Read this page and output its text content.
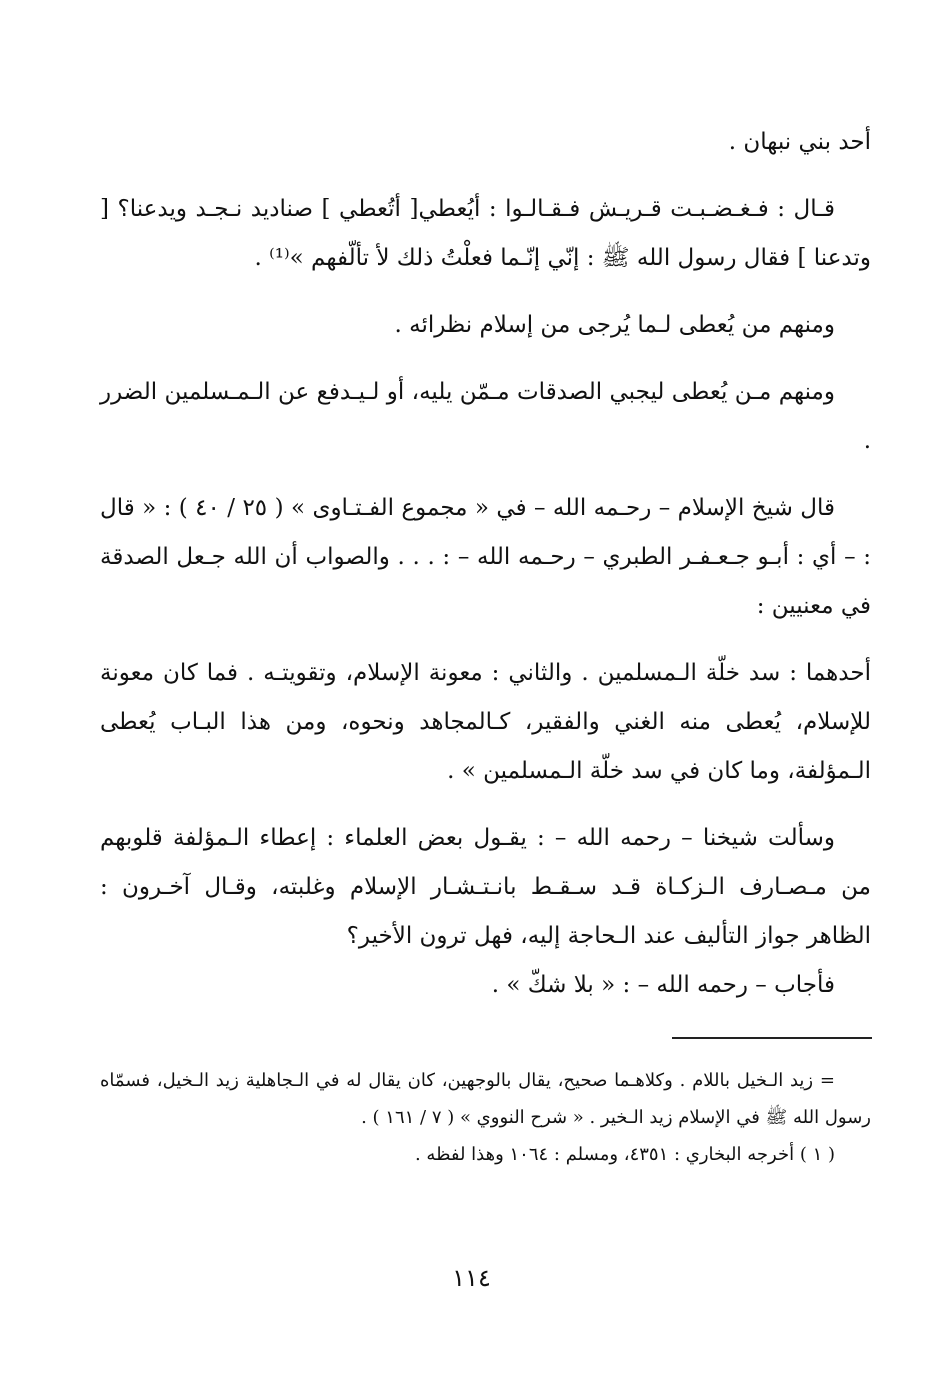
أحد بني نبهان .

قـال : فـغـضـبـت قـريـش فـقـالـوا : أيُعطي[ أتُعطي ] صناديد نـجـد ويدعنا؟ [ وتدعنا ] فقال رسول الله ﷺ : إنّي إنّـما فعلْتُ ذلك لأ تألّفهم »⁽¹⁾ .

ومنهم من يُعطى لـما يُرجى من إسلام نظرائه .

ومنهم مـن يُعطى ليجبي الصدقات مـمّن يليه، أو لـيـدفع عن الـمـسلمين الضرر .

قال شيخ الإسلام – رحـمه الله – في « مجموع الفـتـاوى » ( ٢٥ / ٤٠ ) : « قال : – أي : أبـو جـعـفـر الطبري – رحـمه الله – : . . . والصواب أن الله جـعل الصدقة في معنيين :

أحدهما : سد خلّة الـمسلمين . والثاني : معونة الإسلام، وتقويتـه . فما كان معونة للإسلام، يُعطى منه الغني والفقير، كـالمجاهد ونحوه، ومن هذا البـاب يُعطى الـمؤلفة، وما كان في سد خلّة الـمسلمين » .

وسألت شيخنا – رحمه الله – : يقـول بعض العلماء : إعطاء الـمؤلفة قلوبهم من مـصـارف الـزكـاة قـد سـقـط بانـتـشـار الإسلام وغلبته، وقـال آخـرون : الظاهر جواز التأليف عند الـحاجة إليه، فهل ترون الأخير؟

فأجاب – رحمه الله – : « بلا شكّ » .

= زيد الـخيل باللام . وكلاهـما صحيح، يقال بالوجهين، كان يقال له في الـجاهلية زيد الـخيل، فسمّاه رسول الله ﷺ في الإسلام زيد الـخير . « شرح النووي » ( ٧ / ١٦١ ) .

( ١ ) أخرجه البخاري : ٤٣٥١، ومسلم : ١٠٦٤ وهذا لفظه .

١١٤
